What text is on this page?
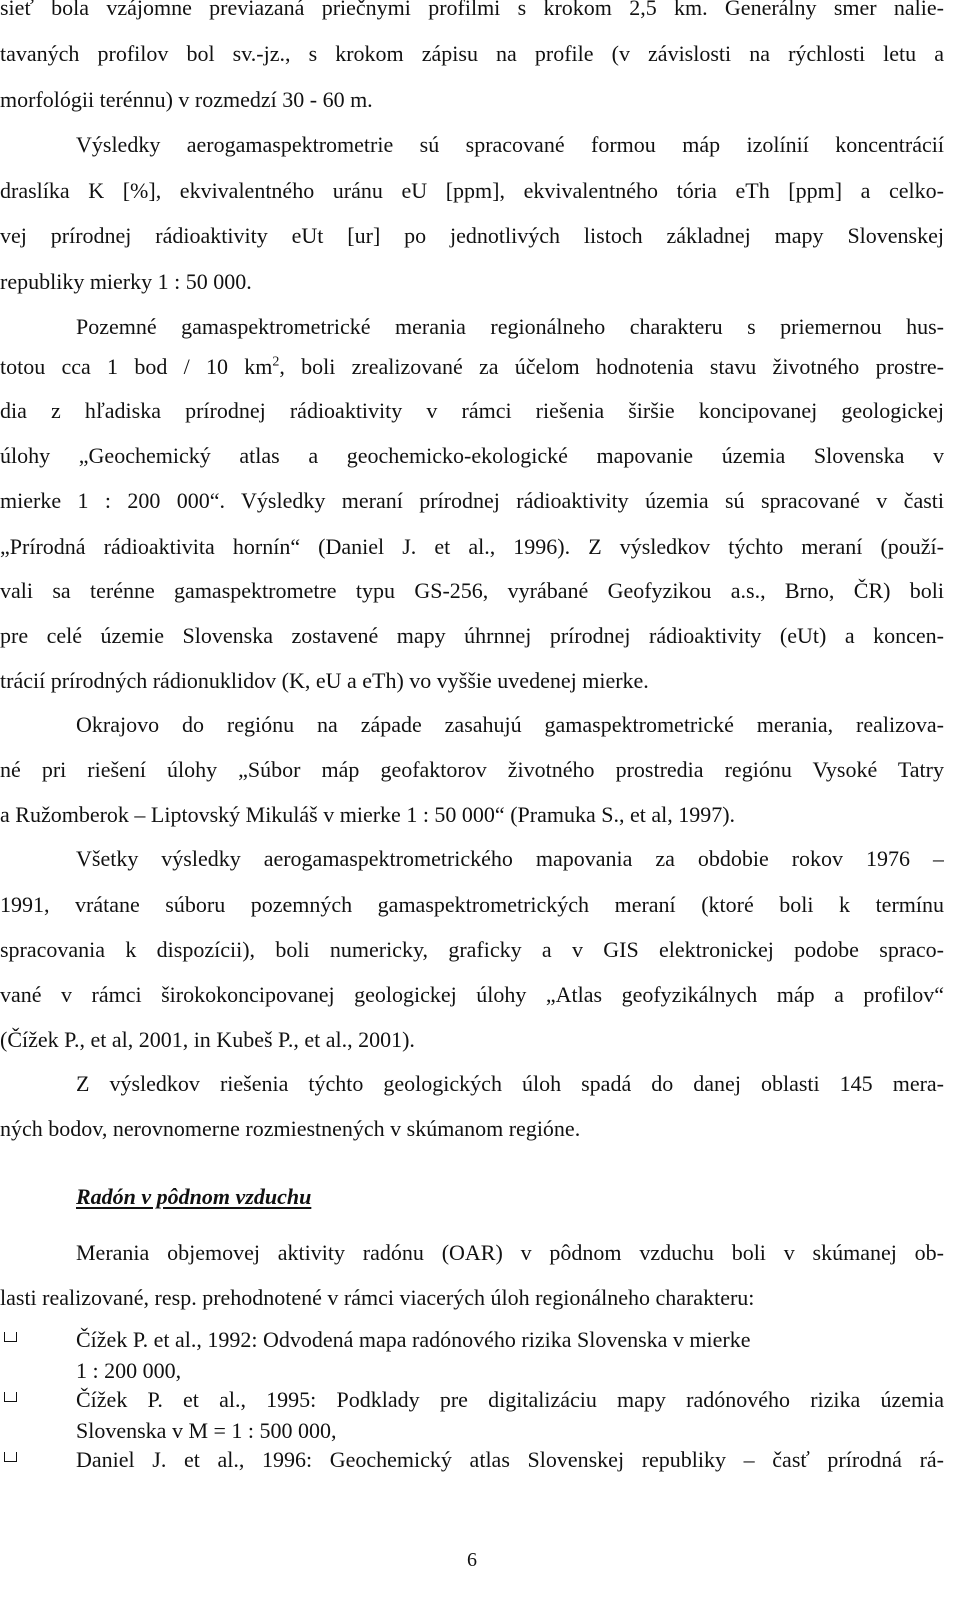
sieť bola vzájomne previazaná priečnymi profilmi s krokom 2,5 km. Generálny smer nalie-
tavaných profilov bol sv.-jz., s krokom zápisu na profile (v závislosti na rýchlosti letu a
morfológii terénnu) v rozmedzí 30 - 60 m.
Výsledky aerogamaspektrometrie sú spracované formou máp izolínií koncentrácií
draslíka K [%], ekvivalentného uránu eU [ppm], ekvivalentného tória eTh [ppm] a celko-
vej prírodnej rádioaktivity eUt [ur] po jednotlivých listoch základnej mapy Slovenskej
republiky mierky 1 : 50 000.
Pozemné gamaspektrometrické merania regionálneho charakteru s priemernou hus-
totou cca 1 bod / 10 $km^2$, boli zrealizované za účelom hodnotenia stavu životného prostre-
dia z hľadiska prírodnej rádioaktivity v rámci riešenia širšie koncipovanej geologickej
úlohy „Geochemický atlas a geochemicko-ekologické mapovanie územia Slovenska v
mierke 1 : 200 000“. Výsledky meraní prírodnej rádioaktivity územia sú spracované v časti
„Prírodná rádioaktivita hornín“ (Daniel J. et al., 1996). Z výsledkov týchto meraní (použí-
vali sa terénne gamaspektrometre typu GS-256, vyrábané Geofyzikou a.s., Brno, ČR) boli
pre celé územie Slovenska zostavené mapy úhrnnej prírodnej rádioaktivity (eUt) a koncen-
trácií prírodných rádionuklidov (K, eU a eTh) vo vyššie uvedenej mierke.
Okrajovo do regiónu na západe zasahujú gamaspektrometrické merania, realizova-
né pri riešení úlohy „Súbor máp geofaktorov životného prostredia regiónu Vysoké Tatry
a Ružomberok – Liptovský Mikuláš v mierke 1 : 50 000“ (Pramuka S., et al, 1997).
Všetky výsledky aerogamaspektrometrického mapovania za obdobie rokov 1976 –
1991, vrátane súboru pozemných gamaspektrometrických meraní (ktoré boli k termínu
spracovania k dispozícii), boli numericky, graficky a v GIS elektronickej podobe spraco-
vané v rámci širokokoncipovanej geologickej úlohy „Atlas geofyzikálnych máp a profilov“
(Čížek P., et al, 2001, in Kubeš P., et al., 2001).
Z výsledkov riešenia týchto geologických úloh spadá do danej oblasti 145 mera-
ných bodov, nerovnomerne rozmiestnených v skúmanom regióne.
Radón v pôdnom vzduchu
Merania objemovej aktivity radónu (OAR) v pôdnom vzduchu boli v skúmanej ob-
lasti realizované, resp. prehodnotené v rámci viacerých úloh regionálneho charakteru:
Čížek P. et al., 1992: Odvodená mapa radónového rizika Slovenska v mierke
1 : 200 000,
Čížek P. et al., 1995: Podklady pre digitalizáciu mapy radónového rizika územia
Slovenska v M = 1 : 500 000,
Daniel J. et al., 1996: Geochemický atlas Slovenskej republiky – časť prírodná rá-
6
